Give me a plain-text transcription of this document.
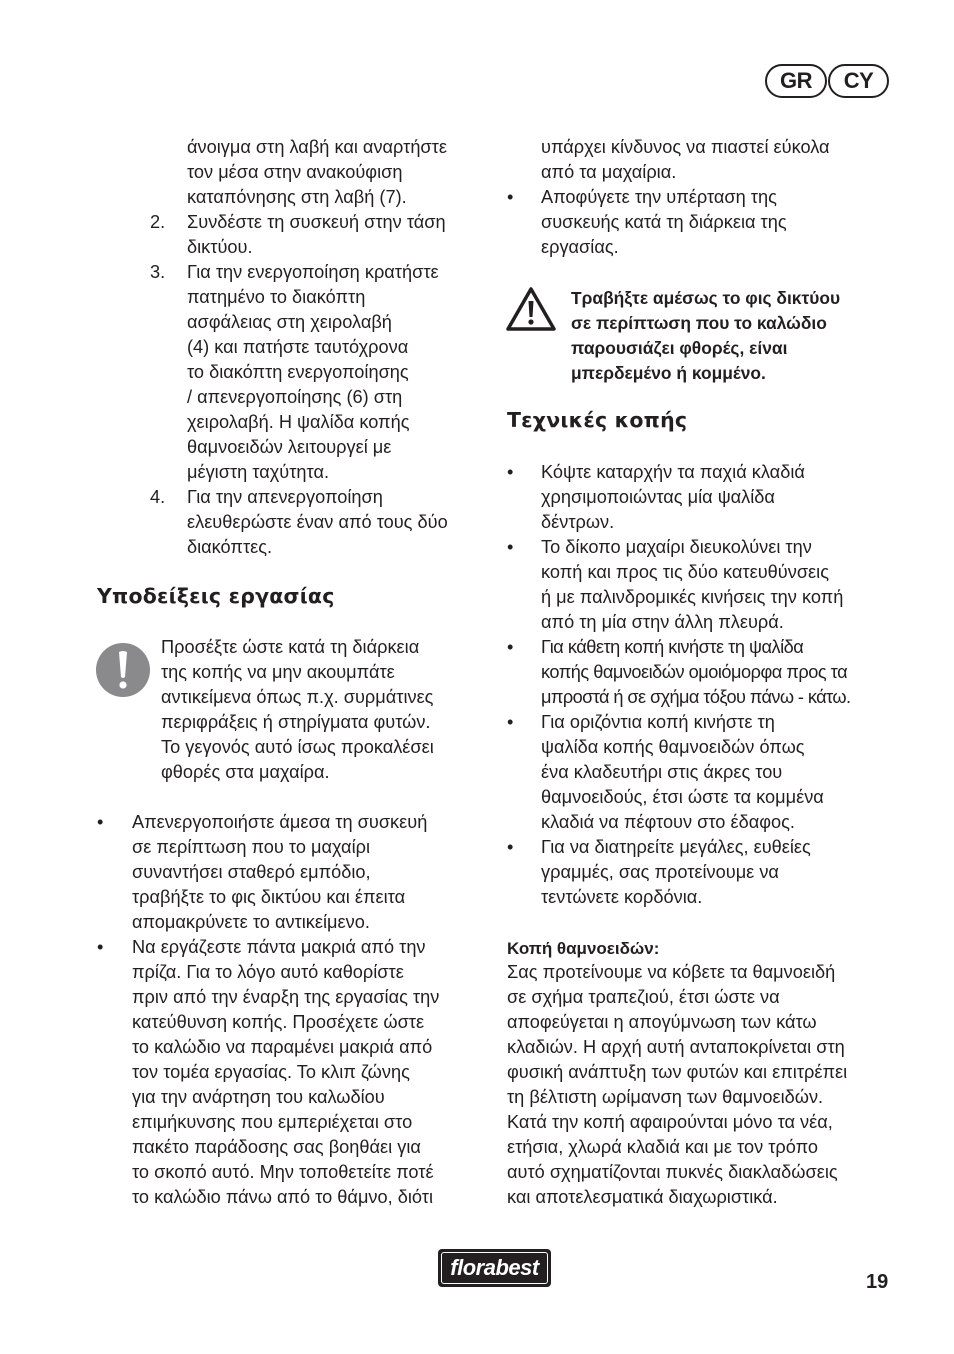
GR CY
άνοιγμα στη λαβή και αναρτήστε
τον μέσα στην ανακούφιση
καταπόνησης στη λαβή (7).
2. Συνδέστε τη συσκευή στην τάση
δικτύου.
3. Για την ενεργοποίηση κρατήστε
πατημένο το διακόπτη
ασφάλειας στη χειρολαβή
(4) και πατήστε ταυτόχρονα
το διακόπτη ενεργοποίησης
/ απενεργοποίησης (6) στη
χειρολαβή. Η ψαλίδα κοπής
θαμνοειδών λειτουργεί με
μέγιστη ταχύτητα.
4. Για την απενεργοποίηση
ελευθερώστε έναν από τους δύο
διακόπτες.
Υποδείξεις εργασίας
Προσέξτε ώστε κατά τη διάρκεια
της κοπής να μην ακουμπάτε
αντικείμενα όπως π.χ. συρμάτινες
περιφράξεις ή στηρίγματα φυτών.
Το γεγονός αυτό ίσως προκαλέσει
φθορές στα μαχαίρα.
• Απενεργοποιήστε άμεσα τη συσκευή
σε περίπτωση που το μαχαίρι
συναντήσει σταθερό εμπόδιο,
τραβήξτε το φις δικτύου και έπειτα
απομακρύνετε το αντικείμενο.
• Να εργάζεστε πάντα μακριά από την
πρίζα. Για το λόγο αυτό καθορίστε
πριν από την έναρξη της εργασίας την
κατεύθυνση κοπής. Προσέχετε ώστε
το καλώδιο να παραμένει μακριά από
τον τομέα εργασίας. Το κλιπ ζώνης
για την ανάρτηση του καλωδίου
επιμήκυνσης που εμπεριέχεται στο
πακέτο παράδοσης σας βοηθάει για
το σκοπό αυτό. Μην τοποθετείτε ποτέ
το καλώδιο πάνω από το θάμνο, διότι
υπάρχει κίνδυνος να πιαστεί εύκολα
από τα μαχαίρια.
• Αποφύγετε την υπέρταση της
συσκευής κατά τη διάρκεια της
εργασίας.
Τραβήξτε αμέσως το φις δικτύου
σε περίπτωση που το καλώδιο
παρουσιάζει φθορές, είναι
μπερδεμένο ή κομμένο.
Τεχνικές κοπής
• Κόψτε καταρχήν τα παχιά κλαδιά
χρησιμοποιώντας μία ψαλίδα
δέντρων.
• Το δίκοπο μαχαίρι διευκολύνει την
κοπή και προς τις δύο κατευθύνσεις
ή με παλινδρομικές κινήσεις την κοπή
από τη μία στην άλλη πλευρά.
• Για κάθετη κοπή κινήστε τη ψαλίδα
κοπής θαμνοειδών ομοιόμορφα προς τα
μπροστά ή σε σχήμα τόξου πάνω - κάτω.
• Για οριζόντια κοπή κινήστε τη
ψαλίδα κοπής θαμνοειδών όπως
ένα κλαδευτήρι στις άκρες του
θαμνοειδούς, έτσι ώστε τα κομμένα
κλαδιά να πέφτουν στο έδαφος.
• Για να διατηρείτε μεγάλες, ευθείες
γραμμές, σας προτείνουμε να
τεντώνετε κορδόνια.
Κοπή θαμνοειδών:
Σας προτείνουμε να κόβετε τα θαμνοειδή
σε σχήμα τραπεζιού, έτσι ώστε να
αποφεύγεται η απογύμνωση των κάτω
κλαδιών. Η αρχή αυτή ανταποκρίνεται στη
φυσική ανάπτυξη των φυτών και επιτρέπει
τη βέλτιστη ωρίμανση των θαμνοειδών.
Κατά την κοπή αφαιρούνται μόνο τα νέα,
ετήσια, χλωρά κλαδιά και με τον τρόπο
αυτό σχηματίζονται πυκνές διακλαδώσεις
και αποτελεσματικά διαχωριστικά.
florabest
19
